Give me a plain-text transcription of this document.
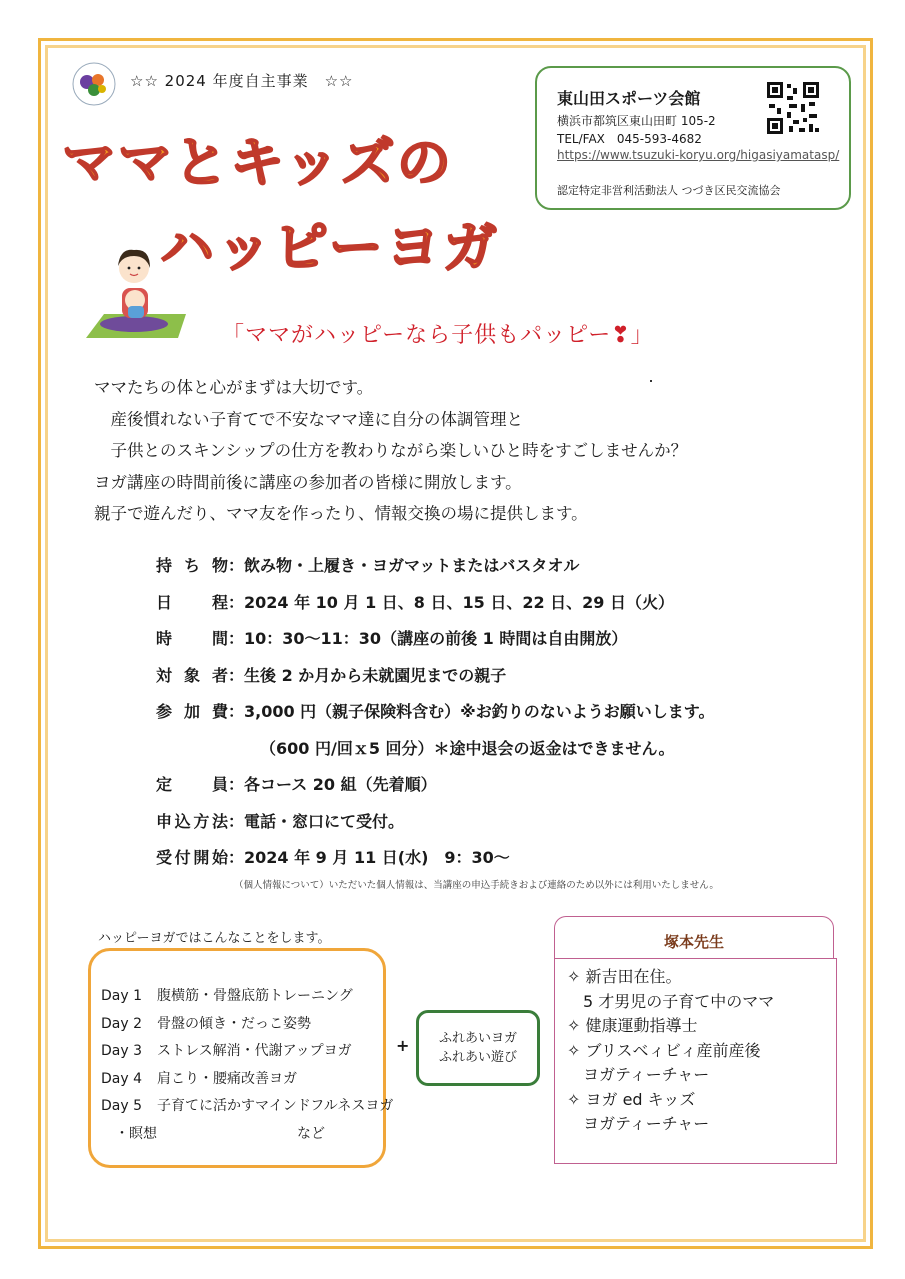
☆☆ 2024 年度自主事業　☆☆
ママとキッズの
ハッピーヨガ
東山田スポーツ会館
横浜市都筑区東山田町 105-2
TEL/FAX　045-593-4682
https://www.tsuzuki-koryu.org/higasiyamatasp/
認定特定非営利活動法人 つづき区民交流協会
「ママがハッピーなら子供もパッピー❣」
ママたちの体と心がまずは大切です。
　産後慣れない子育てで不安なママ達に自分の体調管理と
　子供とのスキンシップの仕方を教わりながら楽しいひと時をすごしませんか？
ヨガ講座の時間前後に講座の参加者の皆様に開放します。
親子で遊んだり、ママ友を作ったり、情報交換の場に提供します。
持ち物：飲み物・上履き・ヨガマットまたはバスタオル
日程：2024 年 10 月 1 日、8 日、15 日、22 日、29 日（火）
時間：10：30～11：30（講座の前後 1 時間は自由開放）
対象者：生後 2 か月から未就園児までの親子
参加費：3,000 円（親子保険料含む）※お釣りのないようお願いします。
（600 円/回ｘ5 回分）＊途中退会の返金はできません。
定員：各コース 20 組（先着順）
申込方法：電話・窓口にて受付。
受付開始：2024 年 9 月 11 日(水)　9：30～
（個人情報について）いただいた個人情報は、当講座の申込手続きおよび連絡のため以外には利用いたしません。
ハッピーヨガではこんなことをします。
Day 1 腹横筋・骨盤底筋トレーニング
Day 2 骨盤の傾き・だっこ姿勢
Day 3 ストレス解消・代謝アップヨガ
Day 4 肩こり・腰痛改善ヨガ
Day 5 子育てに活かすマインドフルネスヨガ
　・瞑想　　　　　　　　　　など
+	ふれあいヨガ
ふれあい遊び
塚本先生
✧ 新吉田在住。
　5 才男児の子育て中のママ
✧ 健康運動指導士
✧ ブリスベィビィ産前産後
　ヨガティーチャー
✧ ヨガ ed キッズ
　ヨガティーチャー
